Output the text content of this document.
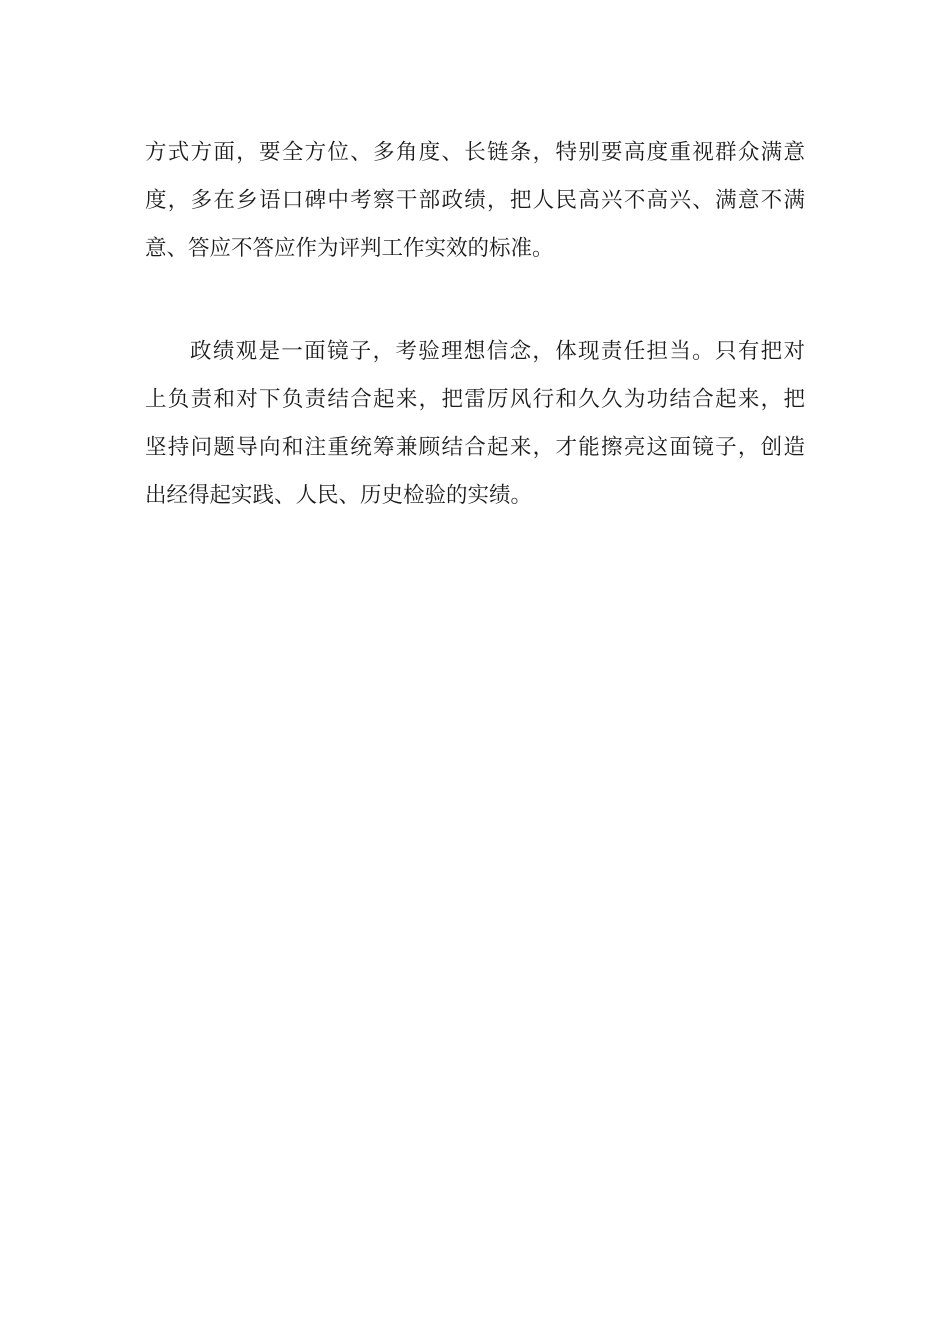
方式方面，要全方位、多角度、长链条，特别要高度重视群众满意
度，多在乡语口碑中考察干部政绩，把人民高兴不高兴、满意不满
意、答应不答应作为评判工作实效的标准。
政绩观是一面镜子，考验理想信念，体现责任担当。只有把对
上负责和对下负责结合起来，把雷厉风行和久久为功结合起来，把
坚持问题导向和注重统筹兼顾结合起来，才能擦亮这面镜子，创造
出经得起实践、人民、历史检验的实绩。
